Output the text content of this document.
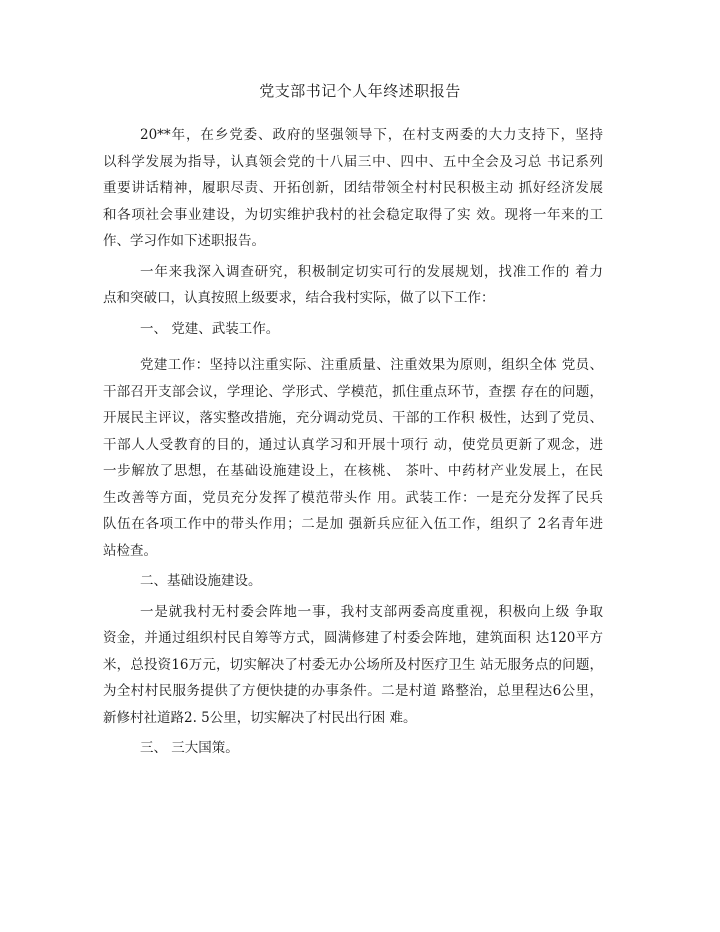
党支部书记个人年终述职报告
20**年，在乡党委、政府的坚强领导下，在村支两委的大力支持下，坚持
以科学发展为指导，认真领会党的十八届三中、四中、五中全会及习总 书记系列
重要讲话精神，履职尽责、开拓创新，团结带领全村村民积极主动 抓好经济发展
和各项社会事业建设，为切实维护我村的社会稳定取得了实 效。现将一年来的工
作、学习作如下述职报告。
一年来我深入调查研究，积极制定切实可行的发展规划，找准工作的 着力
点和突破口，认真按照上级要求，结合我村实际，做了以下工作：
一、 党建、武装工作。
党建工作：坚持以注重实际、注重质量、注重效果为原则，组织全体 党员、
干部召开支部会议，学理论、学形式、学模范，抓住重点环节，查摆 存在的问题，
开展民主评议，落实整改措施，充分调动党员、干部的工作积 极性，达到了党员、
干部人人受教育的目的，通过认真学习和开展十项行 动，使党员更新了观念，进
一步解放了思想，在基础设施建设上，在核桃、 茶叶、中药材产业发展上，在民
生改善等方面，党员充分发挥了模范带头作 用。武装工作：一是充分发挥了民兵
队伍在各项工作中的带头作用；二是加 强新兵应征入伍工作，组织了 2名青年进
站检查。
二、基础设施建设。
一是就我村无村委会阵地一事，我村支部两委高度重视，积极向上级 争取
资金，并通过组织村民自筹等方式，圆满修建了村委会阵地，建筑面积 达120平方
米，总投资16万元，切实解决了村委无办公场所及村医疗卫生 站无服务点的问题，
为全村村民服务提供了方便快捷的办事条件。二是村道 路整治，总里程达6公里，
新修村社道路2. 5公里，切实解决了村民出行困 难。
三、 三大国策。
